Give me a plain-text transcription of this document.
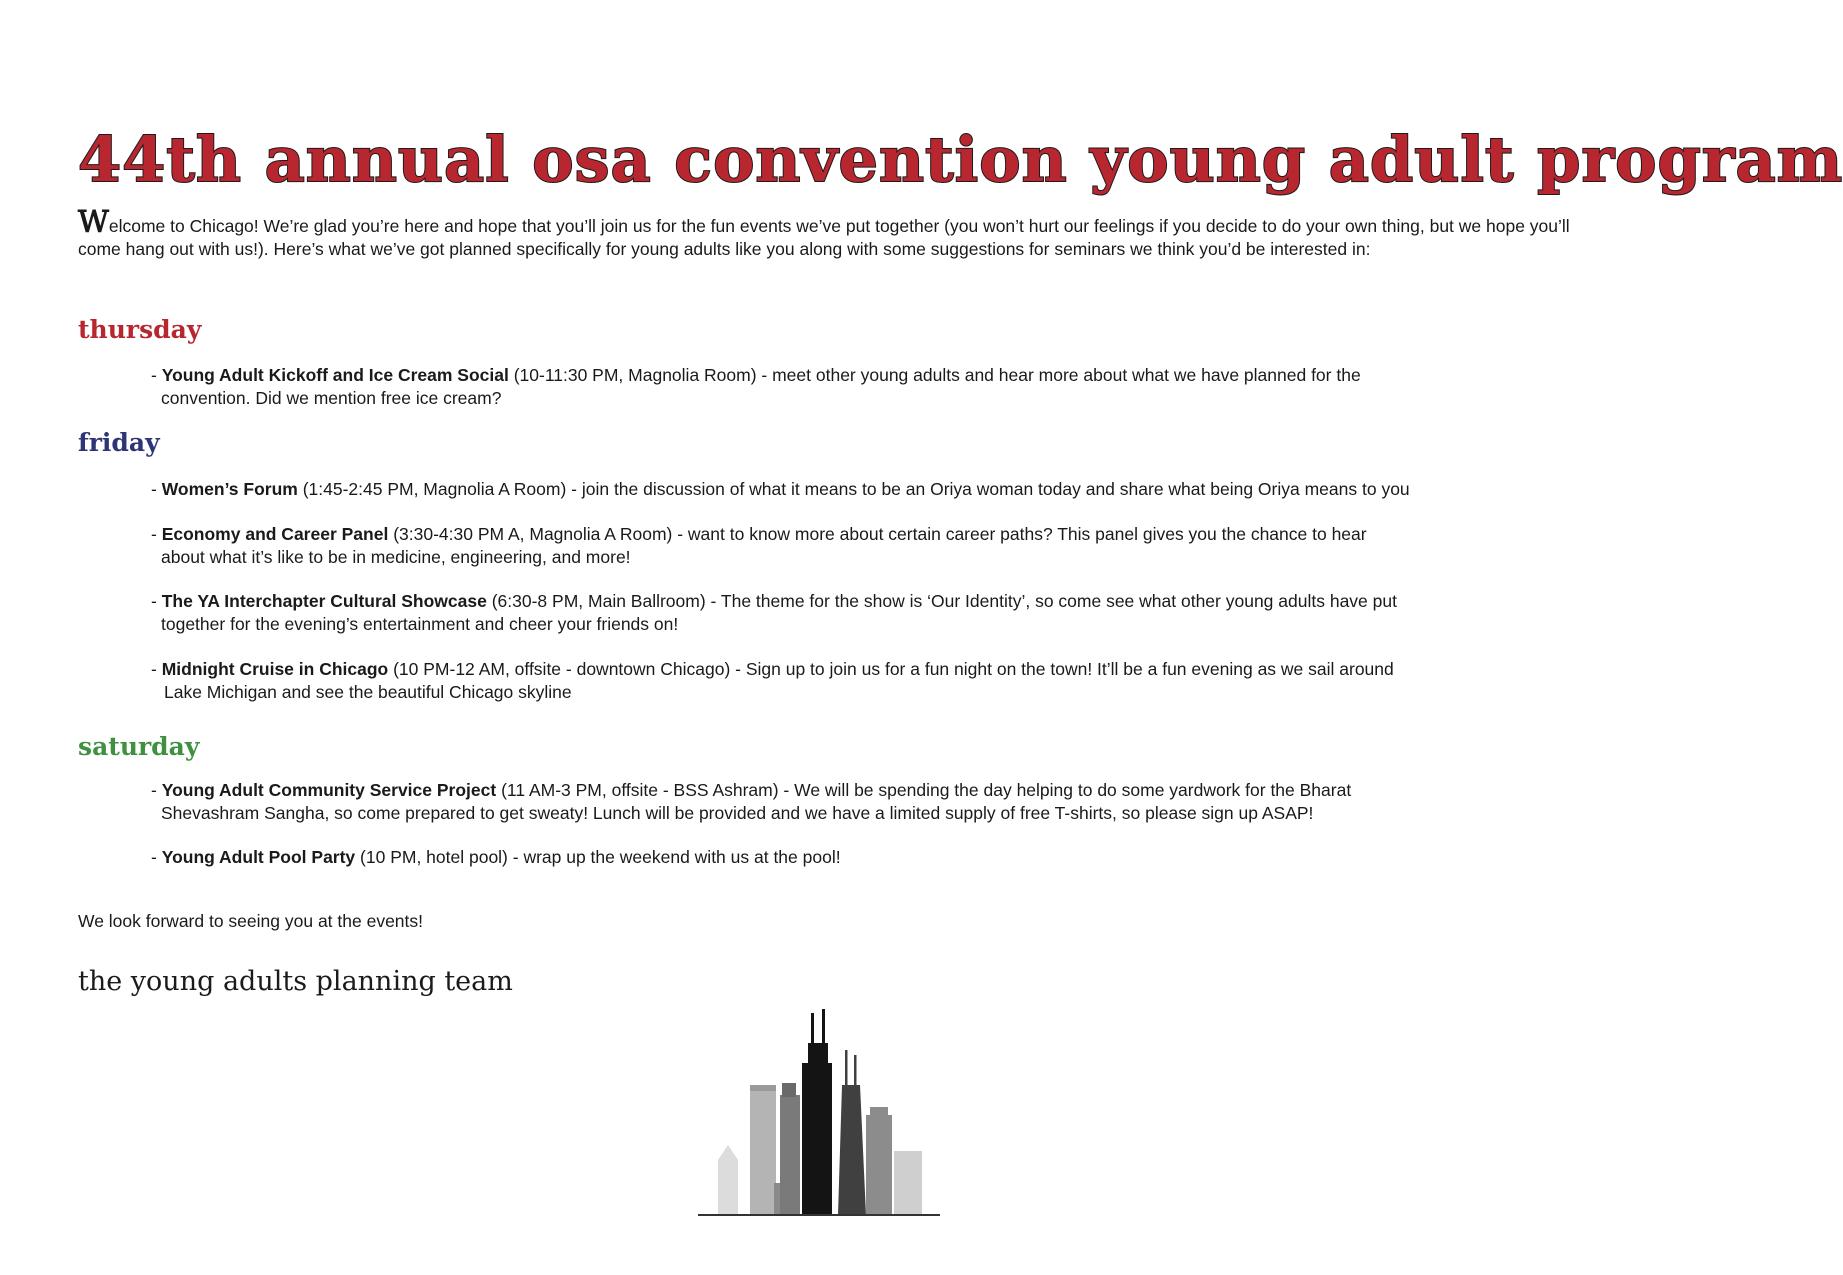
44th annual osa convention young adult program

Welcome to Chicago! We’re glad you’re here and hope that you’ll join us for the fun events we’ve put together (you won’t hurt our feelings if you decide to do your own thing, but we hope you’ll come hang out with us!). Here’s what we’ve got planned specifically for young adults like you along with some suggestions for seminars we think you’d be interested in:

thursday

- Young Adult Kickoff and Ice Cream Social (10-11:30 PM, Magnolia Room) - meet other young adults and hear more about what we have planned for the
convention. Did we mention free ice cream?

friday

- Women’s Forum (1:45-2:45 PM, Magnolia A Room) - join the discussion of what it means to be an Oriya woman today and share what being Oriya means to you

- Economy and Career Panel (3:30-4:30 PM A, Magnolia A Room) - want to know more about certain career paths? This panel gives you the chance to hear
about what it’s like to be in medicine, engineering, and more!

- The YA Interchapter Cultural Showcase (6:30-8 PM, Main Ballroom) - The theme for the show is ‘Our Identity’, so come see what other young adults have put
together for the evening’s entertainment and cheer your friends on!

- Midnight Cruise in Chicago (10 PM-12 AM, offsite - downtown Chicago) - Sign up to join us for a fun night on the town! It’ll be a fun evening as we sail around
Lake Michigan and see the beautiful Chicago skyline

saturday

- Young Adult Community Service Project (11 AM-3 PM, offsite - BSS Ashram) - We will be spending the day helping to do some yardwork for the Bharat
Shevashram Sangha, so come prepared to get sweaty! Lunch will be provided and we have a limited supply of free T-shirts, so please sign up ASAP!

- Young Adult Pool Party (10 PM, hotel pool) - wrap up the weekend with us at the pool!

We look forward to seeing you at the events!

the young adults planning team
